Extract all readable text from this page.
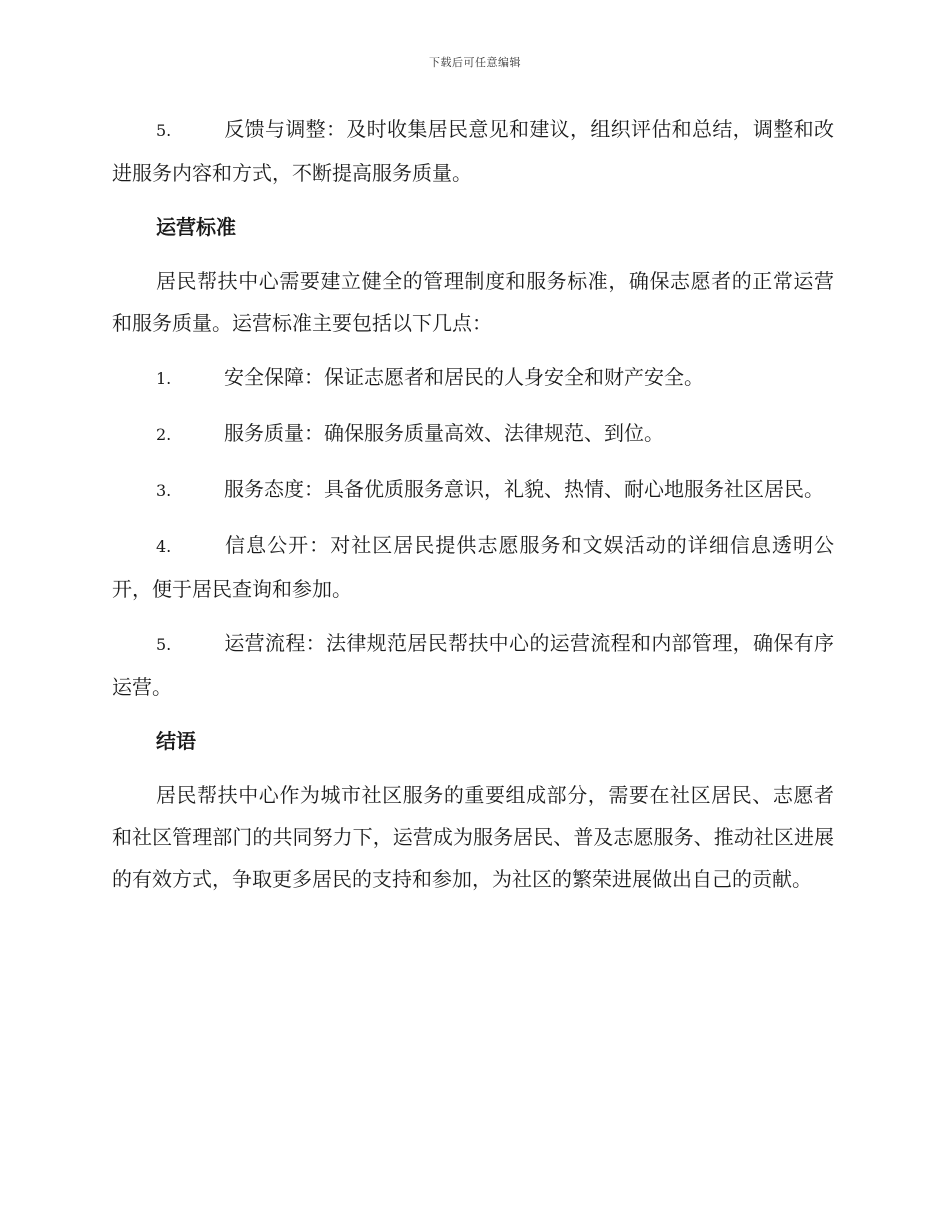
下载后可任意编辑

5.	反馈与调整：及时收集居民意见和建议，组织评估和总结，调整和改进服务内容和方式，不断提高服务质量。

运营标准

居民帮扶中心需要建立健全的管理制度和服务标准，确保志愿者的正常运营和服务质量。运营标准主要包括以下几点：

1.	安全保障：保证志愿者和居民的人身安全和财产安全。

2.	服务质量：确保服务质量高效、法律规范、到位。

3.	服务态度：具备优质服务意识，礼貌、热情、耐心地服务社区居民。

4.	信息公开：对社区居民提供志愿服务和文娱活动的详细信息透明公开，便于居民查询和参加。

5.	运营流程：法律规范居民帮扶中心的运营流程和内部管理，确保有序运营。

结语

居民帮扶中心作为城市社区服务的重要组成部分，需要在社区居民、志愿者和社区管理部门的共同努力下，运营成为服务居民、普及志愿服务、推动社区进展的有效方式，争取更多居民的支持和参加，为社区的繁荣进展做出自己的贡献。
